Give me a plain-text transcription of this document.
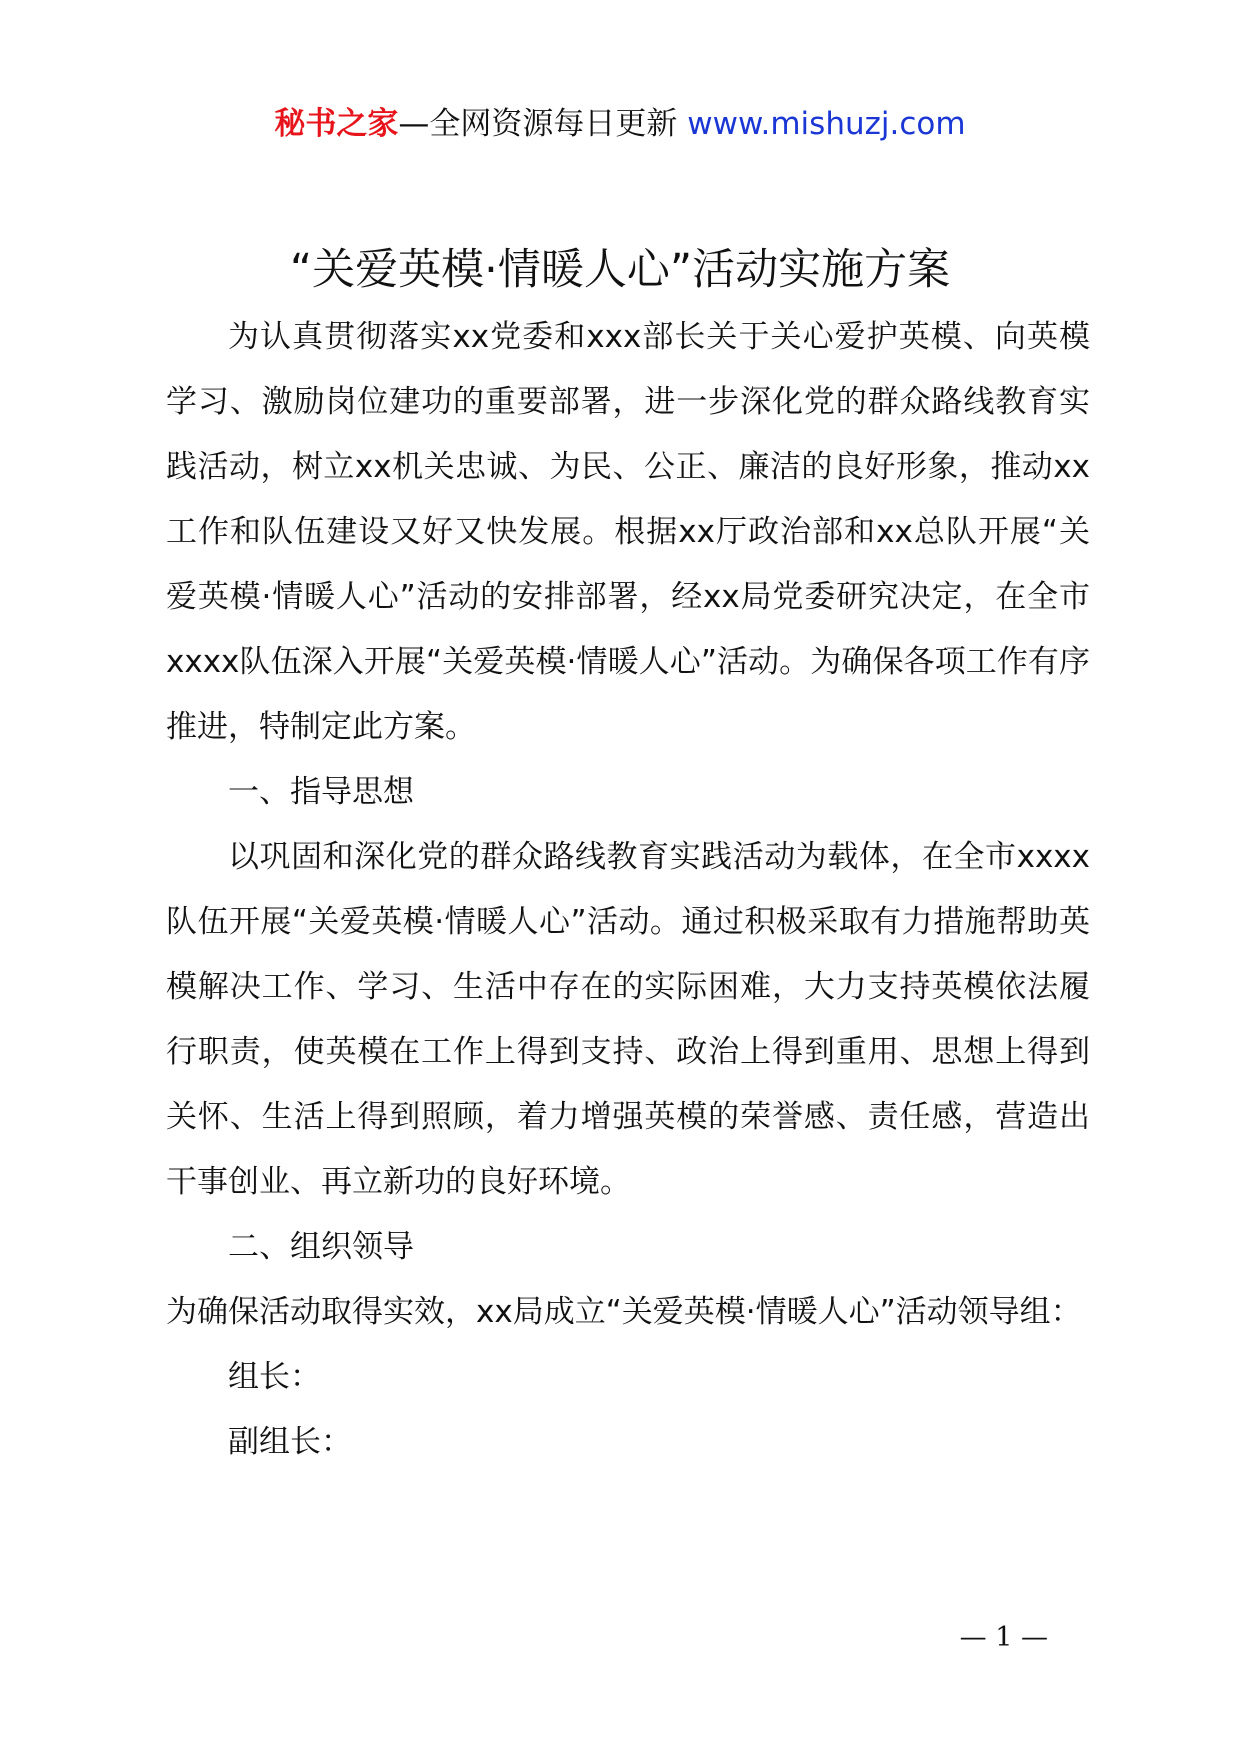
秘书之家—全网资源每日更新 www.mishuzj.com
“关爱英模·情暖人心”活动实施方案

为认真贯彻落实xx党委和xxx部长关于关心爱护英模、向英模学习、激励岗位建功的重要部署，进一步深化党的群众路线教育实践活动，树立xx机关忠诚、为民、公正、廉洁的良好形象，推动xx工作和队伍建设又好又快发展。根据xx厅政治部和xx总队开展“关爱英模·情暖人心”活动的安排部署，经xx局党委研究决定，在全市xxxx队伍深入开展“关爱英模·情暖人心”活动。为确保各项工作有序推进，特制定此方案。

一、指导思想

以巩固和深化党的群众路线教育实践活动为载体，在全市xxxx队伍开展“关爱英模·情暖人心”活动。通过积极采取有力措施帮助英模解决工作、学习、生活中存在的实际困难，大力支持英模依法履行职责，使英模在工作上得到支持、政治上得到重用、思想上得到关怀、生活上得到照顾，着力增强英模的荣誉感、责任感，营造出干事创业、再立新功的良好环境。

二、组织领导

为确保活动取得实效，xx局成立“关爱英模·情暖人心”活动领导组：

组长：

副组长：

— 1 —
